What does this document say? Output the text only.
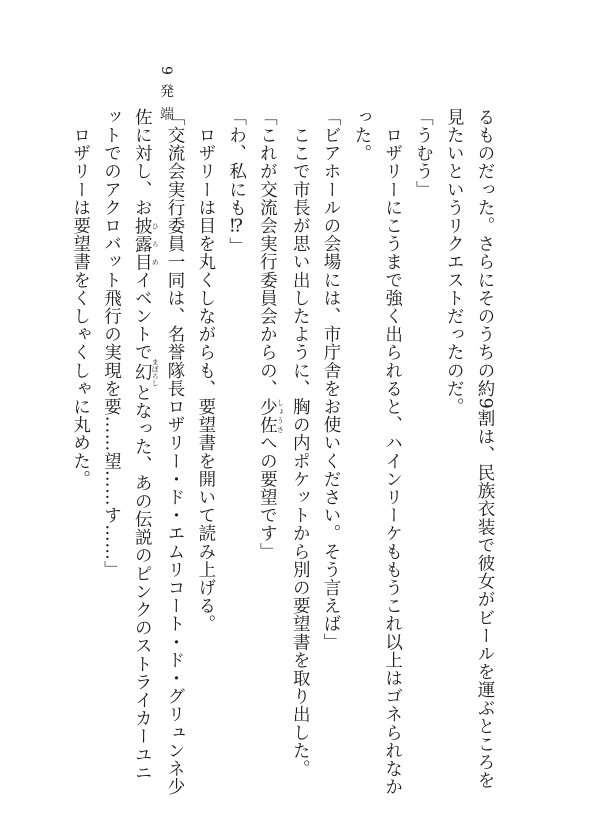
9発端
るものだった。さらにそのうちの約9割は、民族衣装で彼女がビールを運ぶところを
見たいというリクエストだったのだ。
「うむう」
　ロザリーにこうまで強く出られると、ハインリーケももうこれ以上はゴネられなか
った。
「ビアホールの会場には、市庁舎をお使いください。そう言えば」
　ここで市長が思い出したように、胸の内ポケットから別の要望書を取り出した。
「これが交流会実行委員会からの、少佐 しょうさへの要望です」
「わ、私にも⁉」
　ロザリーは目を丸くしながらも、要望書を開いて読み上げる。
「交流会実行委員一同は、名誉隊長ロザリー・ド・エムリコート・ド・グリュンネ少
佐に対し、お披露目 ひろめイベントで幻 まぼろしとなった、あの伝説のピンクのストライカーユニ
ットでのアクロバット飛行の実現を要……望……す……」
　ロザリーは要望書をくしゃくしゃに丸めた。
